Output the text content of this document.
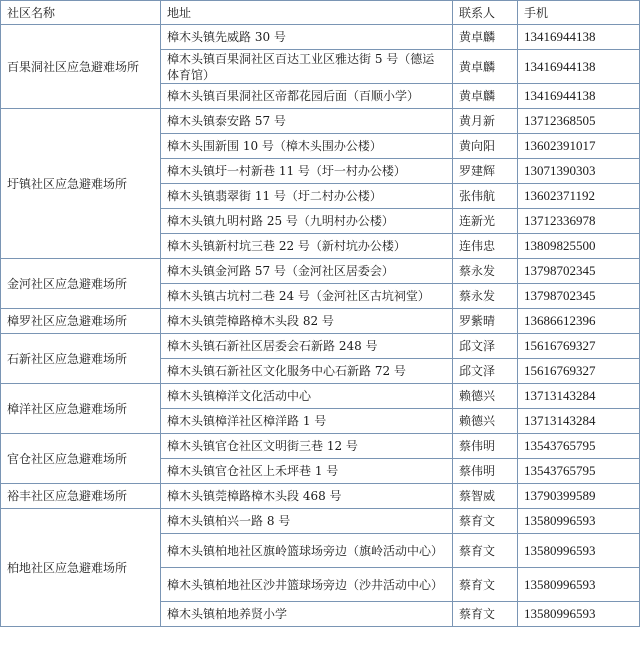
社区名称	地址	联系人	手机
百果洞社区应急避难场所	樟木头镇先威路 30 号	黄卓麟	13416944138
	樟木头镇百果洞社区百达工业区雅达街 5 号（德运体育馆）	黄卓麟	13416944138
	樟木头镇百果洞社区帝都花园后面（百顺小学）	黄卓麟	13416944138
圩镇社区应急避难场所	樟木头镇泰安路 57 号	黄月新	13712368505
	樟木头围新围 10 号（樟木头围办公楼）	黄向阳	13602391017
	樟木头镇圩一村新巷 11 号（圩一村办公楼）	罗建辉	13071390303
	樟木头镇翡翠街 11 号（圩二村办公楼）	张伟航	13602371192
	樟木头镇九明村路 25 号（九明村办公楼）	连新光	13712336978
	樟木头镇新村坑三巷 22 号（新村坑办公楼）	连伟忠	13809825500
金河社区应急避难场所	樟木头镇金河路 57 号（金河社区居委会）	蔡永发	13798702345
	樟木头镇古坑村二巷 24 号（金河社区古坑祠堂）	蔡永发	13798702345
樟罗社区应急避难场所	樟木头镇莞樟路樟木头段 82 号	罗紫晴	13686612396
石新社区应急避难场所	樟木头镇石新社区居委会石新路 248 号	邱文泽	15616769327
	樟木头镇石新社区文化服务中心石新路 72 号	邱文泽	15616769327
樟洋社区应急避难场所	樟木头镇樟洋文化活动中心	赖德兴	13713143284
	樟木头镇樟洋社区樟洋路 1 号	赖德兴	13713143284
官仓社区应急避难场所	樟木头镇官仓社区文明街三巷 12 号	蔡伟明	13543765795
	樟木头镇官仓社区上禾坪巷 1 号	蔡伟明	13543765795
裕丰社区应急避难场所	樟木头镇莞樟路樟木头段 468 号	蔡智威	13790399589
柏地社区应急避难场所	樟木头镇柏兴一路 8 号	蔡育文	13580996593
	樟木头镇柏地社区旗岭篮球场旁边（旗岭活动中心）	蔡育文	13580996593
	樟木头镇柏地社区沙井篮球场旁边（沙井活动中心）	蔡育文	13580996593
	樟木头镇柏地养贤小学	蔡育文	13580996593
